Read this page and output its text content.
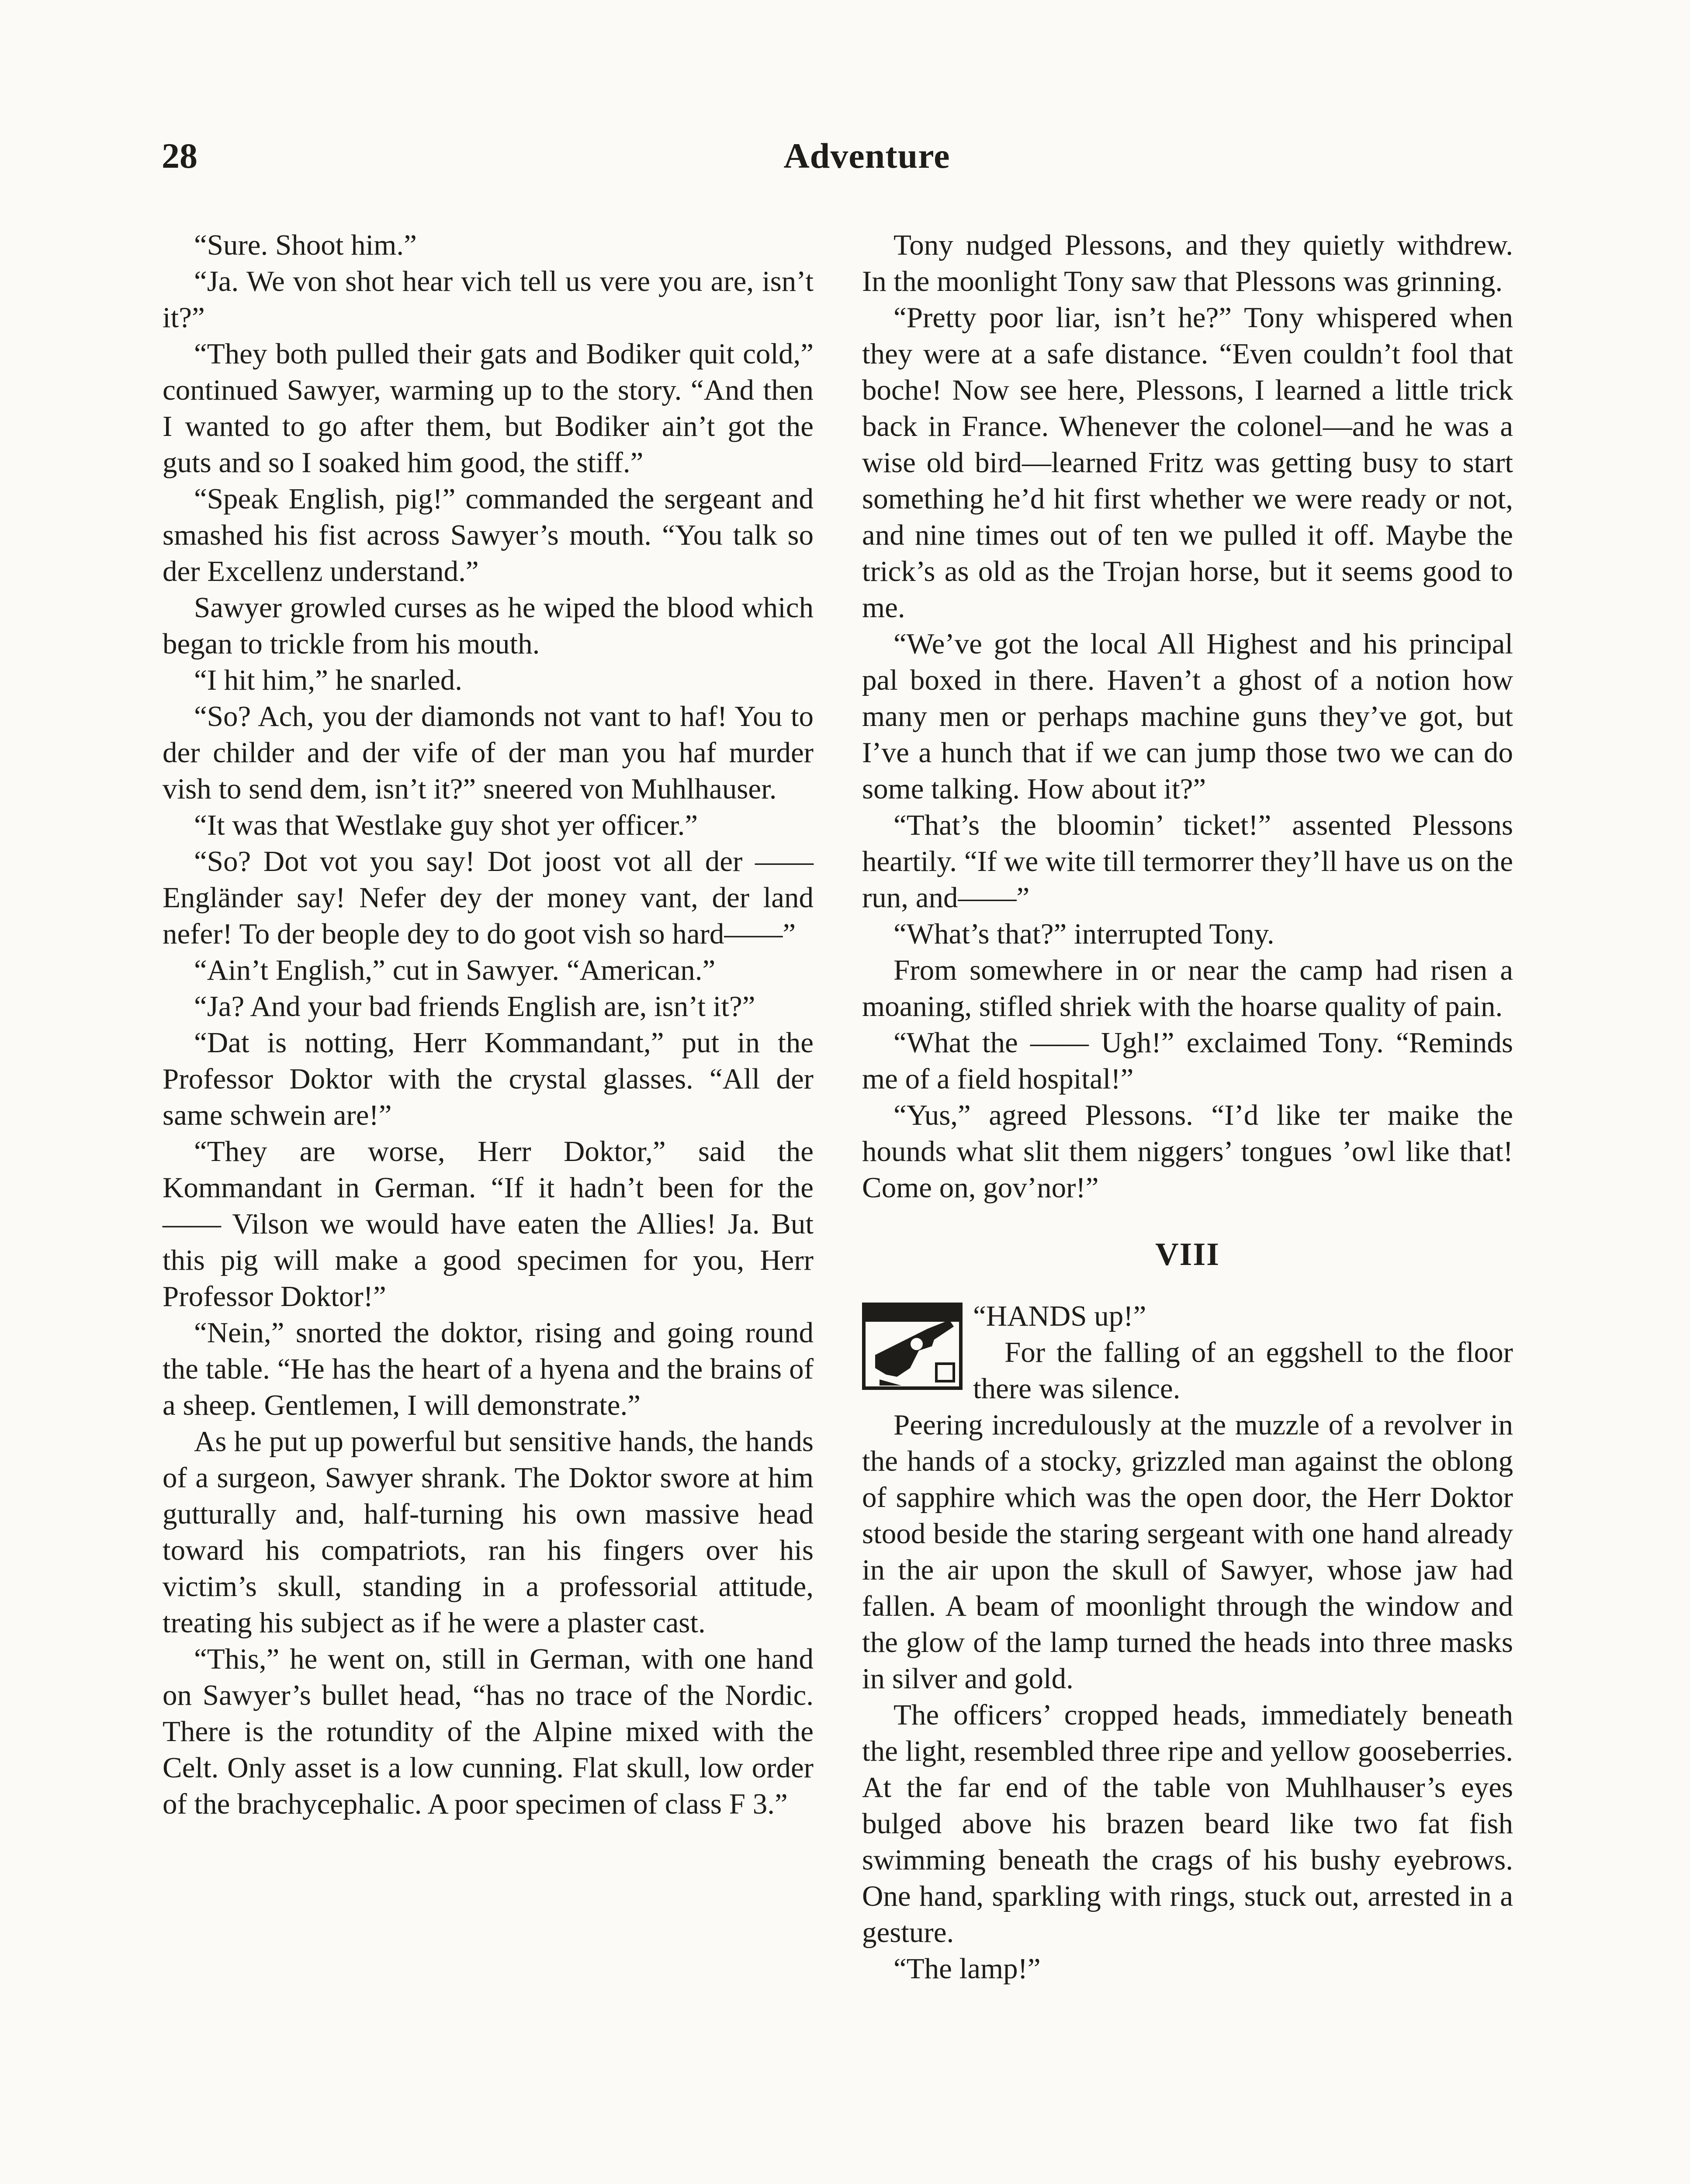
28	Adventure

“Sure. Shoot him.”

“Ja. We von shot hear vich tell us vere you are, isn’t it?”

“They both pulled their gats and Bodiker quit cold,” continued Sawyer, warming up to the story. “And then I wanted to go after them, but Bodiker ain’t got the guts and so I soaked him good, the stiff.”

“Speak English, pig!” commanded the sergeant and smashed his fist across Sawyer’s mouth. “You talk so der Excellenz understand.”

Sawyer growled curses as he wiped the blood which began to trickle from his mouth.

“I hit him,” he snarled.

“So? Ach, you der diamonds not vant to haf! You to der childer and der vife of der man you haf murder vish to send dem, isn’t it?” sneered von Muhlhauser.

“It was that Westlake guy shot yer officer.”

“So? Dot vot you say! Dot joost vot all der —— Engländer say! Nefer dey der money vant, der land nefer! To der beople dey to do goot vish so hard——”

“Ain’t English,” cut in Sawyer. “American.”

“Ja? And your bad friends English are, isn’t it?”

“Dat is notting, Herr Kommandant,” put in the Professor Doktor with the crystal glasses. “All der same schwein are!”

“They are worse, Herr Doktor,” said the Kommandant in German. “If it hadn’t been for the —— Vilson we would have eaten the Allies! Ja. But this pig will make a good specimen for you, Herr Professor Doktor!”

“Nein,” snorted the doktor, rising and going round the table. “He has the heart of a hyena and the brains of a sheep. Gentlemen, I will demonstrate.”

As he put up powerful but sensitive hands, the hands of a surgeon, Sawyer shrank. The Doktor swore at him gutturally and, half-turning his own massive head toward his compatriots, ran his fingers over his victim’s skull, standing in a professorial attitude, treating his subject as if he were a plaster cast.

“This,” he went on, still in German, with one hand on Sawyer’s bullet head, “has no trace of the Nordic. There is the rotundity of the Alpine mixed with the Celt. Only asset is a low cunning. Flat skull, low order of the brachycephalic. A poor specimen of class F 3.”

Tony nudged Plessons, and they quietly withdrew. In the moonlight Tony saw that Plessons was grinning.

“Pretty poor liar, isn’t he?” Tony whispered when they were at a safe distance. “Even couldn’t fool that boche! Now see here, Plessons, I learned a little trick back in France. Whenever the colonel—and he was a wise old bird—learned Fritz was getting busy to start something he’d hit first whether we were ready or not, and nine times out of ten we pulled it off. Maybe the trick’s as old as the Trojan horse, but it seems good to me.

“We’ve got the local All Highest and his principal pal boxed in there. Haven’t a ghost of a notion how many men or perhaps machine guns they’ve got, but I’ve a hunch that if we can jump those two we can do some talking. How about it?”

“That’s the bloomin’ ticket!” assented Plessons heartily. “If we wite till termorrer they’ll have us on the run, and——”

“What’s that?” interrupted Tony.

From somewhere in or near the camp had risen a moaning, stifled shriek with the hoarse quality of pain.

“What the —— Ugh!” exclaimed Tony. “Reminds me of a field hospital!”

“Yus,” agreed Plessons. “I’d like ter maike the hounds what slit them niggers’ tongues ’owl like that! Come on, gov’nor!”

VIII

“HANDS up!”

For the falling of an eggshell to the floor there was silence.

Peering incredulously at the muzzle of a revolver in the hands of a stocky, grizzled man against the oblong of sapphire which was the open door, the Herr Doktor stood beside the staring sergeant with one hand already in the air upon the skull of Sawyer, whose jaw had fallen. A beam of moonlight through the window and the glow of the lamp turned the heads into three masks in silver and gold.

The officers’ cropped heads, immediately beneath the light, resembled three ripe and yellow gooseberries. At the far end of the table von Muhlhauser’s eyes bulged above his brazen beard like two fat fish swimming beneath the crags of his bushy eyebrows. One hand, sparkling with rings, stuck out, arrested in a gesture.

“The lamp!”
